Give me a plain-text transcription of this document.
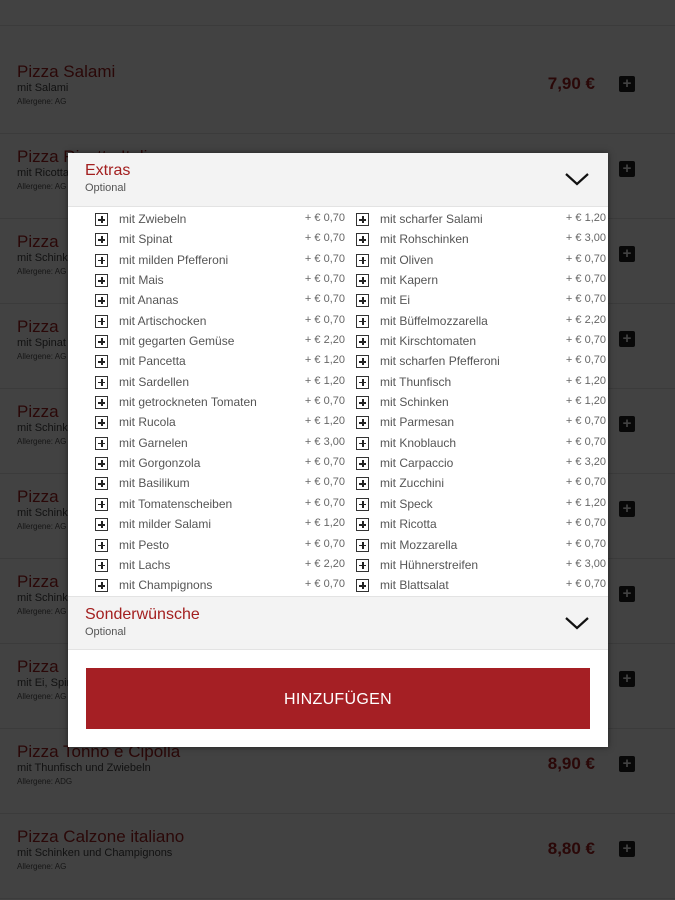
Extras
Optional
mit Zwiebeln	+ € 0,70
mit Spinat	+ € 0,70
mit milden Pfefferoni	+ € 0,70
mit Mais	+ € 0,70
mit Ananas	+ € 0,70
mit Artischocken	+ € 0,70
mit gegarten Gemüse	+ € 2,20
mit Pancetta	+ € 1,20
mit Sardellen	+ € 1,20
mit getrockneten Tomaten	+ € 0,70
mit Rucola	+ € 1,20
mit Garnelen	+ € 3,00
mit Gorgonzola	+ € 0,70
mit Basilikum	+ € 0,70
mit Tomatenscheiben	+ € 0,70
mit milder Salami	+ € 1,20
mit Pesto	+ € 0,70
mit Lachs	+ € 2,20
mit Champignons	+ € 0,70
mit scharfer Salami	+ € 1,20
mit Rohschinken	+ € 3,00
mit Oliven	+ € 0,70
mit Kapern	+ € 0,70
mit Ei	+ € 0,70
mit Büffelmozzarella	+ € 2,20
mit Kirschtomaten	+ € 0,70
mit scharfen Pfefferoni	+ € 0,70
mit Thunfisch	+ € 1,20
mit Schinken	+ € 1,20
mit Parmesan	+ € 0,70
mit Knoblauch	+ € 0,70
mit Carpaccio	+ € 3,20
mit Zucchini	+ € 0,70
mit Speck	+ € 1,20
mit Ricotta	+ € 0,70
mit Mozzarella	+ € 0,70
mit Hühnerstreifen	+ € 3,00
mit Blattsalat	+ € 0,70
Sonderwünsche
Optional
HINZUFÜGEN
